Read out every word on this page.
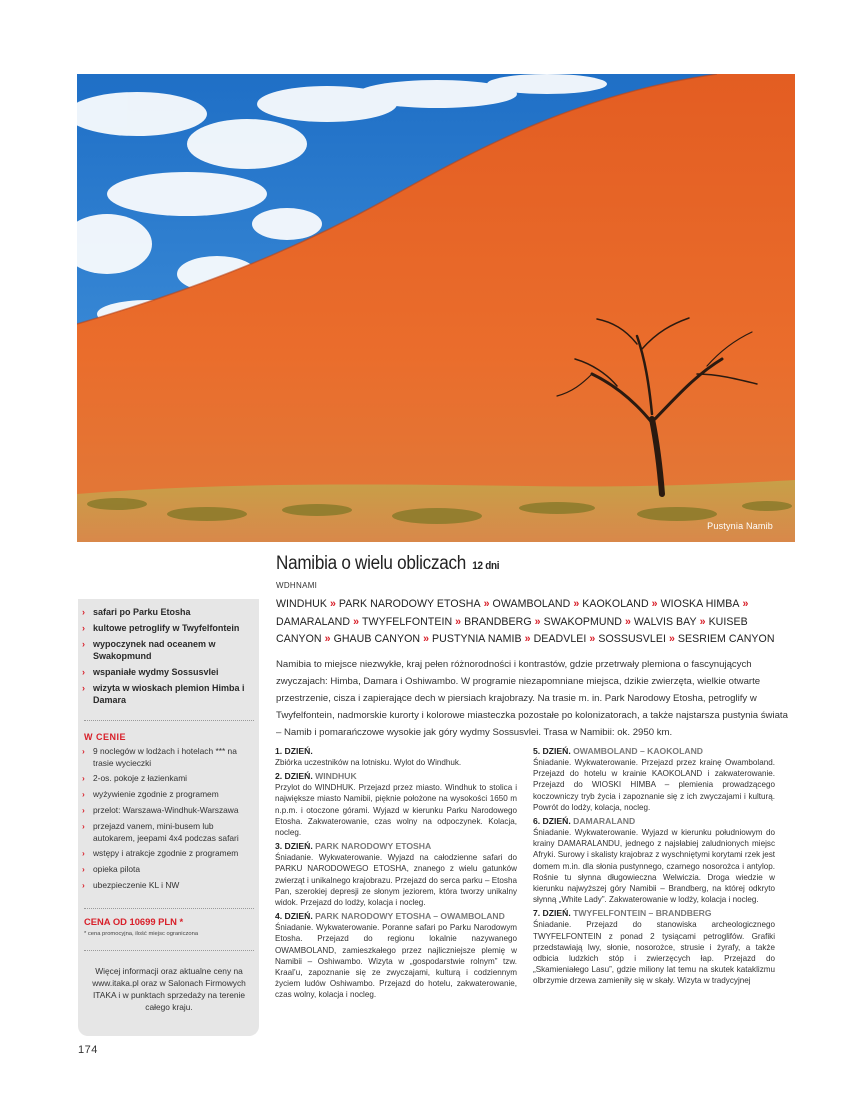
Pustynia Namib
Namibia o wielu obliczach 12 dni
WDHNAMI
WINDHUK » PARK NARODOWY ETOSHA » OWAMBOLAND » KAOKOLAND » WIOSKA HIMBA » DAMARALAND » TWYFELFONTEIN » BRANDBERG » SWAKOPMUND » WALVIS BAY » KUISEB CANYON » GHAUB CANYON » PUSTYNIA NAMIB » DEADVLEI » SOSSUSVLEI » SESRIEM CANYON
Namibia to miejsce niezwykłe, kraj pełen różnorodności i kontrastów, gdzie przetrwały plemiona o fascynujących zwyczajach: Himba, Damara i Oshiwambo. W programie niezapomniane miejsca, dzikie zwierzęta, wielkie otwarte przestrzenie, cisza i zapierające dech w piersiach krajobrazy. Na trasie m. in. Park Narodowy Etosha, petroglify w Twyfelfontein, nadmorskie kurorty i kolorowe miasteczka pozostałe po kolonizatorach, a także najstarsza pustynia świata – Namib i pomarańczowe wysokie jak góry wydmy Sossusvlei. Trasa w Namibii: ok. 2950 km.
› safari po Parku Etosha
› kultowe petroglify w Twyfelfontein
› wypoczynek nad oceanem w Swakopmund
› wspaniałe wydmy Sossusvlei
› wizyta w wioskach plemion Himba i Damara
W CENIE
› 9 noclegów w lodżach i hotelach *** na trasie wycieczki
› 2-os. pokoje z łazienkami
› wyżywienie zgodnie z programem
› przelot: Warszawa-Windhuk-Warszawa
› przejazd vanem, mini-busem lub autokarem, jeepami 4x4 podczas safari
› wstępy i atrakcje zgodnie z programem
› opieka pilota
› ubezpieczenie KL i NW
CENA OD 10699 PLN *
* cena promocyjna, ilość miejsc ograniczona
Więcej informacji oraz aktualne ceny na www.itaka.pl oraz w Salonach Firmowych ITAKA i w punktach sprzedaży na terenie całego kraju.
174
1. DZIEŃ.
Zbiórka uczestników na lotnisku. Wylot do Windhuk.
2. DZIEŃ. WINDHUK
Przylot do WINDHUK. Przejazd przez miasto. Windhuk to stolica i największe miasto Namibii, pięknie położone na wysokości 1650 m n.p.m. i otoczone górami. Wyjazd w kierunku Parku Narodowego Etosha. Zakwaterowanie, czas wolny na odpoczynek. Kolacja, nocleg.
3. DZIEŃ. PARK NARODOWY ETOSHA
Śniadanie. Wykwaterowanie. Wyjazd na całodzienne safari do PARKU NARODOWEGO ETOSHA, znanego z wielu gatunków zwierząt i unikalnego krajobrazu. Przejazd do serca parku – Etosha Pan, szerokiej depresji ze słonym jeziorem, która tworzy unikalny widok. Przejazd do lodży, kolacja i nocleg.
4. DZIEŃ. PARK NARODOWY ETOSHA – OWAMBOLAND
Śniadanie. Wykwaterowanie. Poranne safari po Parku Narodowym Etosha. Przejazd do regionu lokalnie nazywanego OWAMBOLAND, zamieszkałego przez najliczniejsze plemię w Namibii – Oshiwambo. Wizyta w „gospodarstwie rolnym” tzw. Kraal’u, zapoznanie się ze zwyczajami, kulturą i codziennym życiem ludów Oshiwambo. Przejazd do hotelu, zakwaterowanie, czas wolny, kolacja i nocleg.
5. DZIEŃ. OWAMBOLAND – KAOKOLAND
Śniadanie. Wykwaterowanie. Przejazd przez krainę Owamboland. Przejazd do hotelu w krainie KAOKOLAND i zakwaterowanie. Przejazd do WIOSKI HIMBA – plemienia prowadzącego koczowniczy tryb życia i zapoznanie się z ich zwyczajami i kulturą. Powrót do lodży, kolacja, nocleg.
6. DZIEŃ. DAMARALAND
Śniadanie. Wykwaterowanie. Wyjazd w kierunku południowym do krainy DAMARALANDU, jednego z najsłabiej zaludnionych miejsc Afryki. Surowy i skalisty krajobraz z wyschniętymi korytami rzek jest domem m.in. dla słonia pustynnego, czarnego nosorożca i antylop. Rośnie tu słynna długowieczna Welwiczia. Droga wiedzie w kierunku najwyższej góry Namibii – Brandberg, na której odkryto słynną „White Lady”. Zakwaterowanie w lodży, kolacja i nocleg.
7. DZIEŃ. TWYFELFONTEIN – BRANDBERG
Śniadanie. Przejazd do stanowiska archeologicznego TWYFELFONTEIN z ponad 2 tysiącami petroglifów. Grafiki przedstawiają lwy, słonie, nosorożce, strusie i żyrafy, a także odbicia ludzkich stóp i zwierzęcych łap. Przejazd do „Skamieniałego Lasu”, gdzie miliony lat temu na skutek kataklizmu olbrzymie drzewa zamieniły się w skały. Wizyta w tradycyjnej
